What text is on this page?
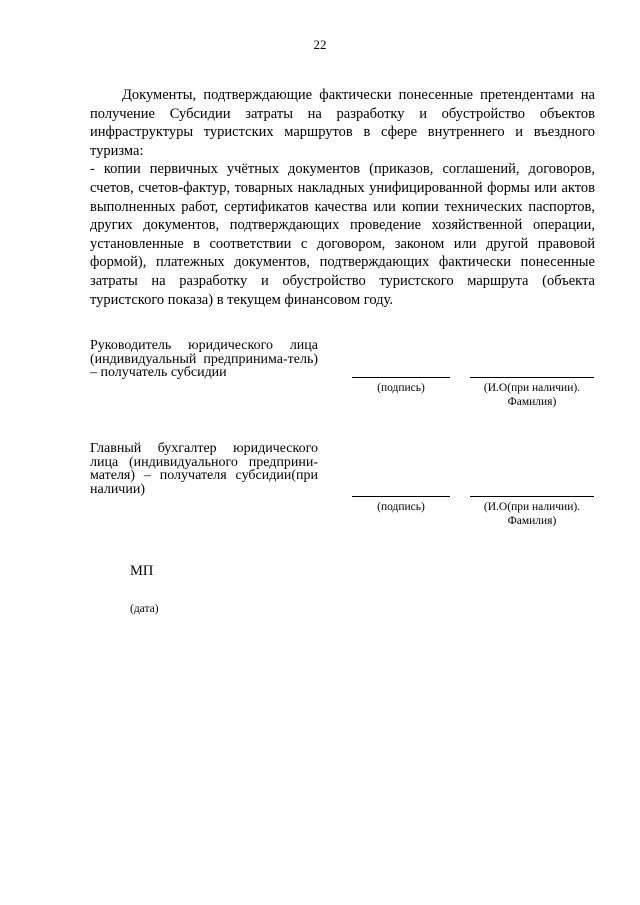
22

Документы, подтверждающие фактически понесенные претендентами на получение Субсидии затраты на разработку и обустройство объектов инфраструктуры туристских маршрутов в сфере внутреннего и въездного туризма:

- копии первичных учётных документов (приказов, соглашений, договоров, счетов, счетов-фактур, товарных накладных унифицированной формы или актов выполненных работ, сертификатов качества или копии технических паспортов, других документов, подтверждающих проведение хозяйственной операции, установленные в соответствии с договором, законом или другой правовой формой), платежных документов, подтверждающих фактически понесенные затраты на разработку и обустройство туристского маршрута (объекта туристского показа) в текущем финансовом году.

Руководитель юридического лица (индивидуальный предпринима-тель) – получатель субсидии
(подпись)	(И.О(при наличии). Фамилия)
Главный бухгалтер юридического лица (индивидуального предприни-мателя) – получателя субсидии(при наличии)
(подпись)	(И.О(при наличии). Фамилия)
МП
(дата)
